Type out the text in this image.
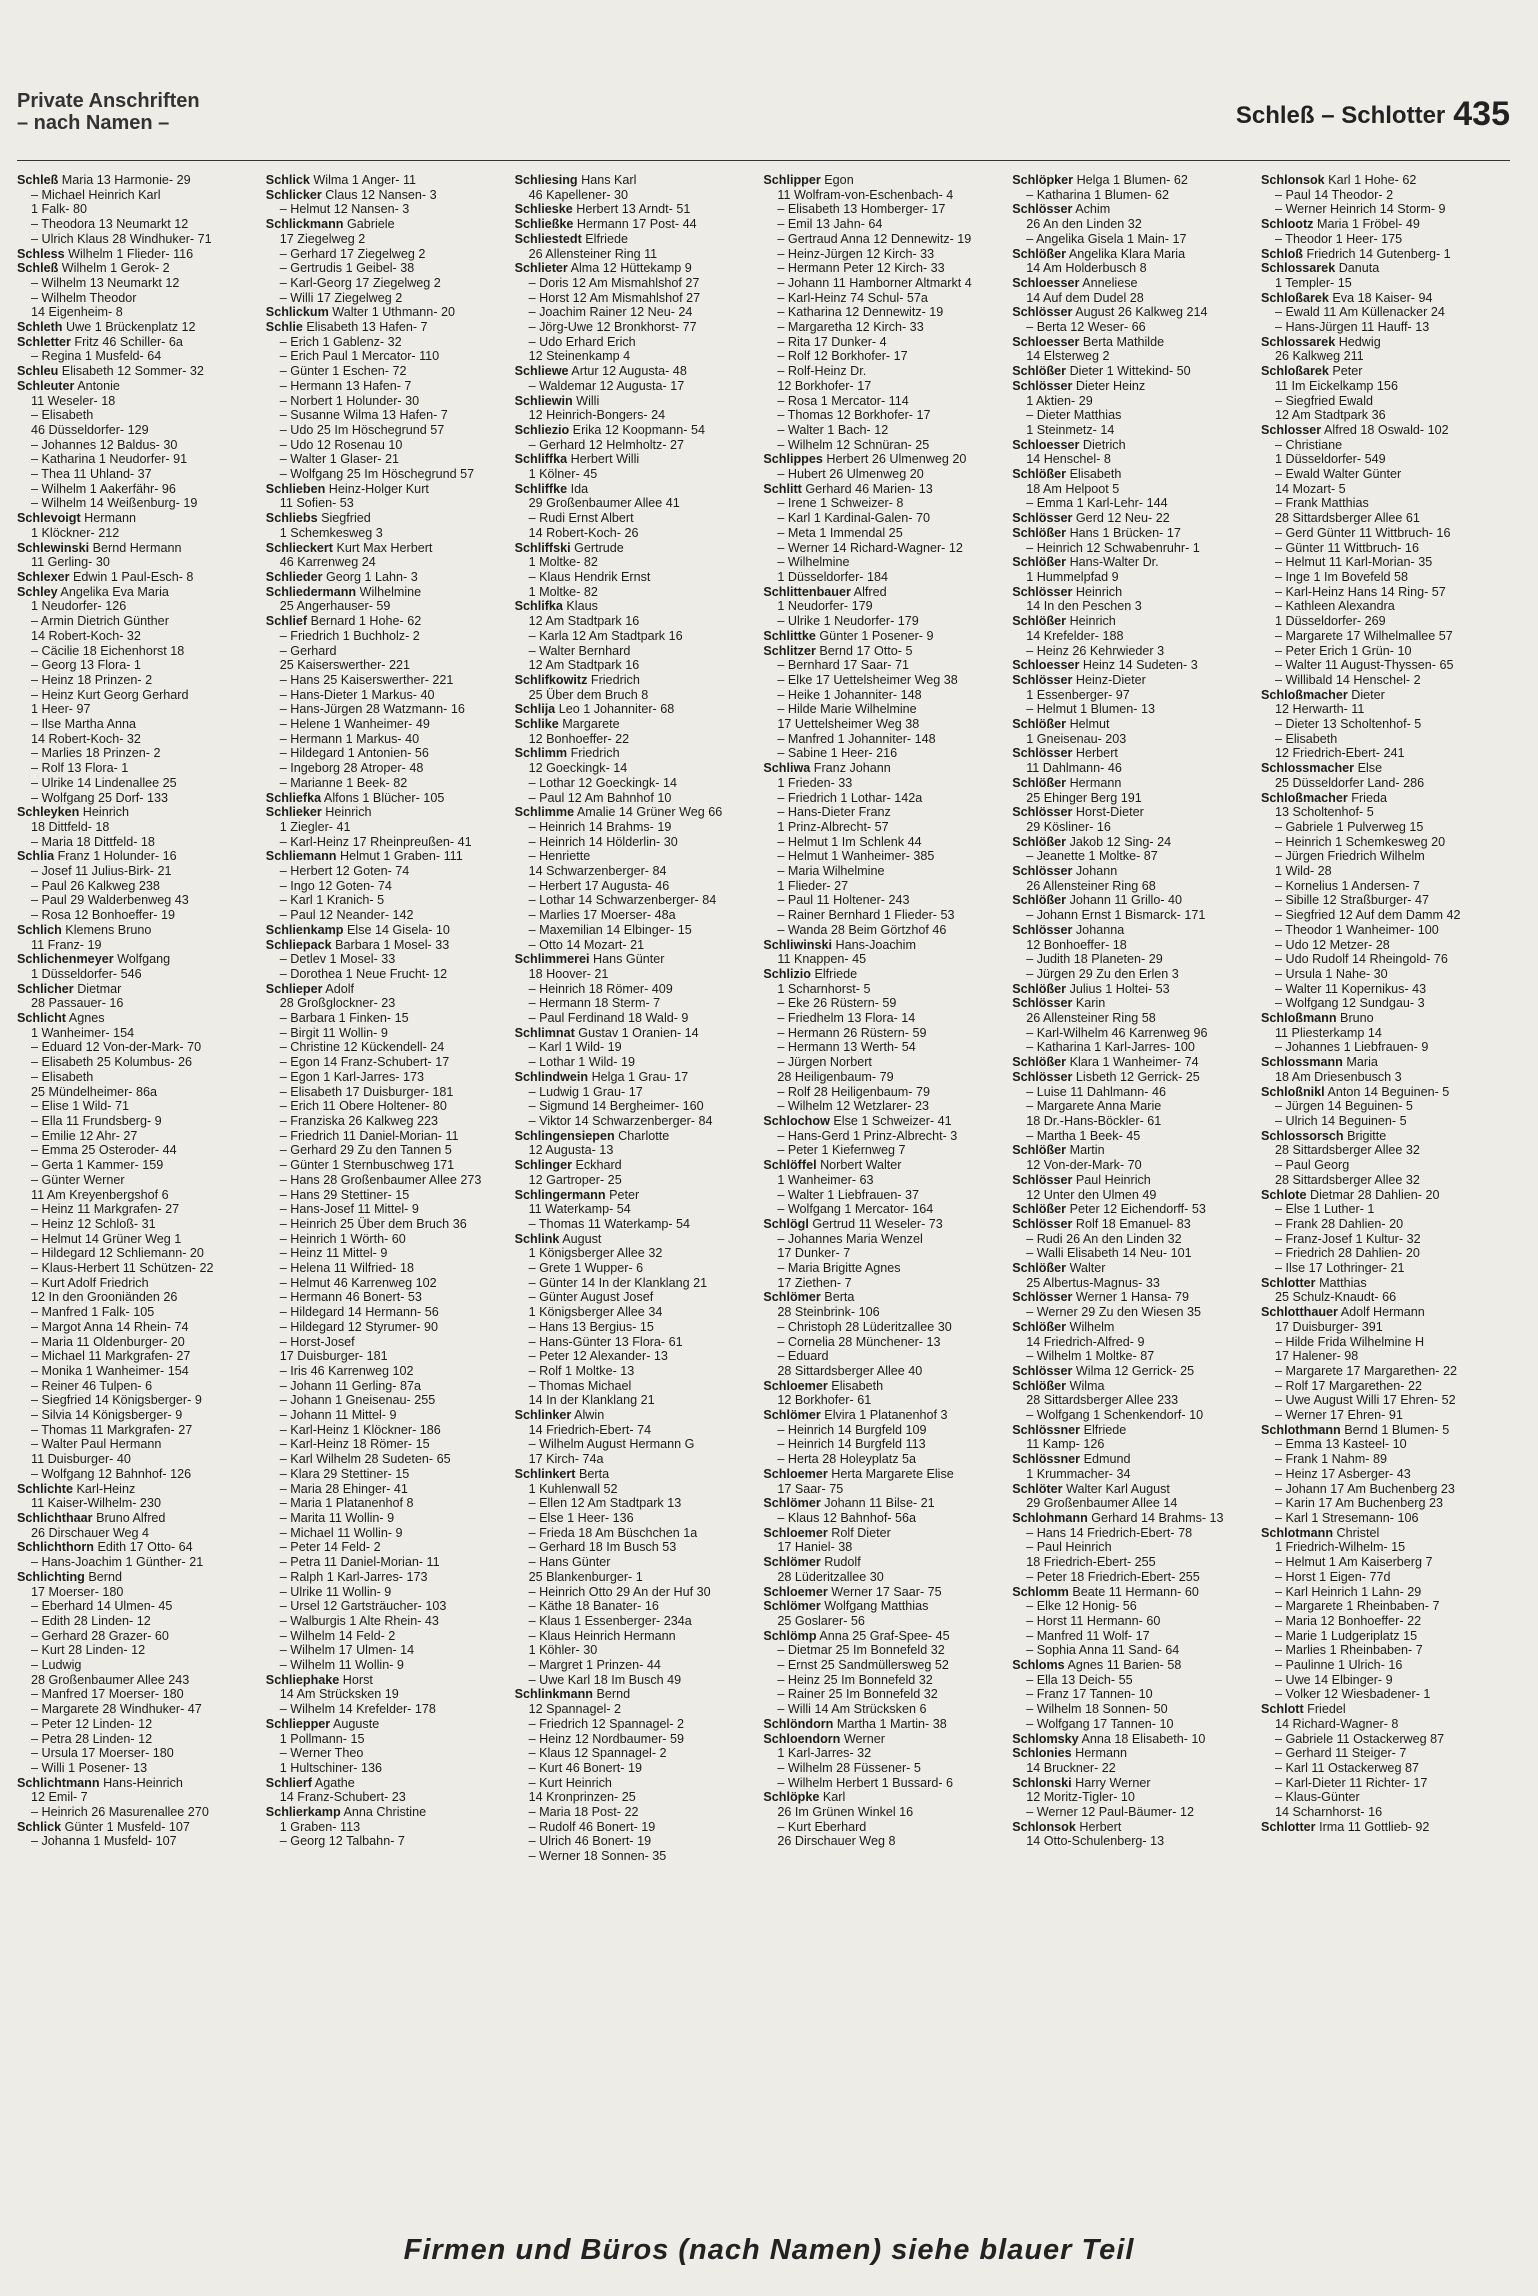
Private Anschriften
– nach Namen –	Schleß – Schlotter 435
Schleß Maria 13 Harmonie- 29
– Michael Heinrich Karl
1 Falk- 80
– Theodora 13 Neumarkt 12
– Ulrich Klaus 28 Windhuker- 71
Schless Wilhelm 1 Flieder- 116
Schleß Wilhelm 1 Gerok- 2
– Wilhelm 13 Neumarkt 12
– Wilhelm Theodor
14 Eigenheim- 8
Schleth Uwe 1 Brückenplatz 12
Schletter Fritz 46 Schiller- 6a
– Regina 1 Musfeld- 64
Schleu Elisabeth 12 Sommer- 32
Schleuter Antonie
11 Weseler- 18
– Elisabeth
46 Düsseldorfer- 129
– Johannes 12 Baldus- 30
– Katharina 1 Neudorfer- 91
– Thea 11 Uhland- 37
– Wilhelm 1 Aakerfähr- 96
– Wilhelm 14 Weißenburg- 19
Schlevoigt Hermann
1 Klöckner- 212
Schlewinski Bernd Hermann
11 Gerling- 30
Schlexer Edwin 1 Paul-Esch- 8
Schley Angelika Eva Maria
1 Neudorfer- 126
– Armin Dietrich Günther
14 Robert-Koch- 32
– Cäcilie 18 Eichenhorst 18
– Georg 13 Flora- 1
– Heinz 18 Prinzen- 2
– Heinz Kurt Georg Gerhard
1 Heer- 97
– Ilse Martha Anna
14 Robert-Koch- 32
– Marlies 18 Prinzen- 2
– Rolf 13 Flora- 1
– Ulrike 14 Lindenallee 25
– Wolfgang 25 Dorf- 133
Schleyken Heinrich
18 Dittfeld- 18
– Maria 18 Dittfeld- 18
Schlia Franz 1 Holunder- 16
– Josef 11 Julius-Birk- 21
– Paul 26 Kalkweg 238
– Paul 29 Walderbenweg 43
– Rosa 12 Bonhoeffer- 19
Schlich Klemens Bruno
11 Franz- 19
Schlichenmeyer Wolfgang
1 Düsseldorfer- 546
Schlicher Dietmar
28 Passauer- 16
Schlicht Agnes
1 Wanheimer- 154
– Eduard 12 Von-der-Mark- 70
– Elisabeth 25 Kolumbus- 26
– Elisabeth
25 Mündelheimer- 86a
– Elise 1 Wild- 71
– Ella 11 Frundsberg- 9
– Emilie 12 Ahr- 27
– Emma 25 Osteroder- 44
– Gerta 1 Kammer- 159
– Günter Werner
11 Am Kreyenbergshof 6
– Heinz 11 Markgrafen- 27
– Heinz 12 Schloß- 31
– Helmut 14 Grüner Weg 1
– Hildegard 12 Schliemann- 20
– Klaus-Herbert 11 Schützen- 22
– Kurt Adolf Friedrich
12 In den Grooniänden 26
– Manfred 1 Falk- 105
– Margot Anna 14 Rhein- 74
– Maria 11 Oldenburger- 20
– Michael 11 Markgrafen- 27
– Monika 1 Wanheimer- 154
– Reiner 46 Tulpen- 6
– Siegfried 14 Königsberger- 9
– Silvia 14 Königsberger- 9
– Thomas 11 Markgrafen- 27
– Walter Paul Hermann
11 Duisburger- 40
– Wolfgang 12 Bahnhof- 126
Schlichte Karl-Heinz
11 Kaiser-Wilhelm- 230
Schlichthaar Bruno Alfred
26 Dirschauer Weg 4
Schlichthorn Edith 17 Otto- 64
– Hans-Joachim 1 Günther- 21
Schlichting Bernd
17 Moerser- 180
– Eberhard 14 Ulmen- 45
– Edith 28 Linden- 12
– Gerhard 28 Grazer- 60
– Kurt 28 Linden- 12
– Ludwig
28 Großenbaumer Allee 243
– Manfred 17 Moerser- 180
– Margarete 28 Windhuker- 47
– Peter 12 Linden- 12
– Petra 28 Linden- 12
– Ursula 17 Moerser- 180
– Willi 1 Posener- 13
Schlichtmann Hans-Heinrich
12 Emil- 7
– Heinrich 26 Masurenallee 270
Schlick Günter 1 Musfeld- 107
– Johanna 1 Musfeld- 107
Schlick Wilma 1 Anger- 11
Schlicker Claus 12 Nansen- 3
– Helmut 12 Nansen- 3
Schlickmann Gabriele
17 Ziegelweg 2
– Gerhard 17 Ziegelweg 2
– Gertrudis 1 Geibel- 38
– Karl-Georg 17 Ziegelweg 2
– Willi 17 Ziegelweg 2
Schlickum Walter 1 Uthmann- 20
Schlie Elisabeth 13 Hafen- 7
– Erich 1 Gablenz- 32
– Erich Paul 1 Mercator- 110
– Günter 1 Eschen- 72
– Hermann 13 Hafen- 7
– Norbert 1 Holunder- 30
– Susanne Wilma 13 Hafen- 7
– Udo 25 Im Höschegrund 57
– Udo 12 Rosenau 10
– Walter 1 Glaser- 21
– Wolfgang 25 Im Höschegrund 57
Schlieben Heinz-Holger Kurt
11 Sofien- 53
Schliebs Siegfried
1 Schemkesweg 3
Schlieckert Kurt Max Herbert
46 Karrenweg 24
Schlieder Georg 1 Lahn- 3
Schliedermann Wilhelmine
25 Angerhauser- 59
Schlief Bernard 1 Hohe- 62
– Friedrich 1 Buchholz- 2
– Gerhard
25 Kaiserswerther- 221
– Hans 25 Kaiserswerther- 221
– Hans-Dieter 1 Markus- 40
– Hans-Jürgen 28 Watzmann- 16
– Helene 1 Wanheimer- 49
– Hermann 1 Markus- 40
– Hildegard 1 Antonien- 56
– Ingeborg 28 Atroper- 48
– Marianne 1 Beek- 82
Schliefka Alfons 1 Blücher- 105
Schlieker Heinrich
1 Ziegler- 41
– Karl-Heinz 17 Rheinpreußen- 41
Schliemann Helmut 1 Graben- 111
– Herbert 12 Goten- 74
– Ingo 12 Goten- 74
– Karl 1 Kranich- 5
– Paul 12 Neander- 142
Schlienkamp Else 14 Gisela- 10
Schliepack Barbara 1 Mosel- 33
– Detlev 1 Mosel- 33
– Dorothea 1 Neue Frucht- 12
Schlieper Adolf
28 Großglockner- 23
– Barbara 1 Finken- 15
– Birgit 11 Wollin- 9
– Christine 12 Kückendell- 24
– Egon 14 Franz-Schubert- 17
– Egon 1 Karl-Jarres- 173
– Elisabeth 17 Duisburger- 181
– Erich 11 Obere Holtener- 80
– Franziska 26 Kalkweg 223
– Friedrich 11 Daniel-Morian- 11
– Gerhard 29 Zu den Tannen 5
– Günter 1 Sternbuschweg 171
– Hans 28 Großenbaumer Allee 273
– Hans 29 Stettiner- 15
– Hans-Josef 11 Mittel- 9
– Heinrich 25 Über dem Bruch 36
– Heinrich 1 Wörth- 60
– Heinz 11 Mittel- 9
– Helena 11 Wilfried- 18
– Helmut 46 Karrenweg 102
– Hermann 46 Bonert- 53
– Hildegard 14 Hermann- 56
– Hildegard 12 Styrumer- 90
– Horst-Josef
17 Duisburger- 181
– Iris 46 Karrenweg 102
– Johann 11 Gerling- 87a
– Johann 1 Gneisenau- 255
– Johann 11 Mittel- 9
– Karl-Heinz 1 Klöckner- 186
– Karl-Heinz 18 Römer- 15
– Karl Wilhelm 28 Sudeten- 65
– Klara 29 Stettiner- 15
– Maria 28 Ehinger- 41
– Maria 1 Platanenhof 8
– Marita 11 Wollin- 9
– Michael 11 Wollin- 9
– Peter 14 Feld- 2
– Petra 11 Daniel-Morian- 11
– Ralph 1 Karl-Jarres- 173
– Ulrike 11 Wollin- 9
– Ursel 12 Gartsträucher- 103
– Walburgis 1 Alte Rhein- 43
– Wilhelm 14 Feld- 2
– Wilhelm 17 Ulmen- 14
– Wilhelm 11 Wollin- 9
Schliephake Horst
14 Am Strücksken 19
– Wilhelm 14 Krefelder- 178
Schliepper Auguste
1 Pollmann- 15
– Werner Theo
1 Hultschiner- 136
Schlierf Agathe
14 Franz-Schubert- 23
Schlierkamp Anna Christine
1 Graben- 113
– Georg 12 Talbahn- 7
Schliesing Hans Karl
46 Kapellener- 30
Schlieske Herbert 13 Arndt- 51
Schließke Hermann 17 Post- 44
Schliestedt Elfriede
26 Allensteiner Ring 11
Schlieter Alma 12 Hüttekamp 9
– Doris 12 Am Mismahlshof 27
– Horst 12 Am Mismahlshof 27
– Joachim Rainer 12 Neu- 24
– Jörg-Uwe 12 Bronkhorst- 77
– Udo Erhard Erich
12 Steinenkamp 4
Schliewe Artur 12 Augusta- 48
– Waldemar 12 Augusta- 17
Schliewin Willi
12 Heinrich-Bongers- 24
Schliezio Erika 12 Koopmann- 54
– Gerhard 12 Helmholtz- 27
Schliffka Herbert Willi
1 Kölner- 45
Schliffke Ida
29 Großenbaumer Allee 41
– Rudi Ernst Albert
14 Robert-Koch- 26
Schliffski Gertrude
1 Moltke- 82
– Klaus Hendrik Ernst
1 Moltke- 82
Schlifka Klaus
12 Am Stadtpark 16
– Karla 12 Am Stadtpark 16
– Walter Bernhard
12 Am Stadtpark 16
Schlifkowitz Friedrich
25 Über dem Bruch 8
Schlija Leo 1 Johanniter- 68
Schlike Margarete
12 Bonhoeffer- 22
Schlimm Friedrich
12 Goeckingk- 14
– Lothar 12 Goeckingk- 14
– Paul 12 Am Bahnhof 10
Schlimme Amalie 14 Grüner Weg 66
– Heinrich 14 Brahms- 19
– Heinrich 14 Hölderlin- 30
– Henriette
14 Schwarzenberger- 84
– Herbert 17 Augusta- 46
– Lothar 14 Schwarzenberger- 84
– Marlies 17 Moerser- 48a
– Maxemilian 14 Elbinger- 15
– Otto 14 Mozart- 21
Schlimmerei Hans Günter
18 Hoover- 21
– Heinrich 18 Römer- 409
– Hermann 18 Sterm- 7
– Paul Ferdinand 18 Wald- 9
Schlimnat Gustav 1 Oranien- 14
– Karl 1 Wild- 19
– Lothar 1 Wild- 19
Schlindwein Helga 1 Grau- 17
– Ludwig 1 Grau- 17
– Sigmund 14 Bergheimer- 160
– Viktor 14 Schwarzenberger- 84
Schlingensiepen Charlotte
12 Augusta- 13
Schlinger Eckhard
12 Gartroper- 25
Schlingermann Peter
11 Waterkamp- 54
– Thomas 11 Waterkamp- 54
Schlink August
1 Königsberger Allee 32
– Grete 1 Wupper- 6
– Günter 14 In der Klanklang 21
– Günter August Josef
1 Königsberger Allee 34
– Hans 13 Bergius- 15
– Hans-Günter 13 Flora- 61
– Peter 12 Alexander- 13
– Rolf 1 Moltke- 13
– Thomas Michael
14 In der Klanklang 21
Schlinker Alwin
14 Friedrich-Ebert- 74
– Wilhelm August Hermann G
17 Kirch- 74a
Schlinkert Berta
1 Kuhlenwall 52
– Ellen 12 Am Stadtpark 13
– Else 1 Heer- 136
– Frieda 18 Am Büschchen 1a
– Gerhard 18 Im Busch 53
– Hans Günter
25 Blankenburger- 1
– Heinrich Otto 29 An der Huf 30
– Käthe 18 Banater- 16
– Klaus 1 Essenberger- 234a
– Klaus Heinrich Hermann
1 Köhler- 30
– Margret 1 Prinzen- 44
– Uwe Karl 18 Im Busch 49
Schlinkmann Bernd
12 Spannagel- 2
– Friedrich 12 Spannagel- 2
– Heinz 12 Nordbaumer- 59
– Klaus 12 Spannagel- 2
– Kurt 46 Bonert- 19
– Kurt Heinrich
14 Kronprinzen- 25
– Maria 18 Post- 22
– Rudolf 46 Bonert- 19
– Ulrich 46 Bonert- 19
– Werner 18 Sonnen- 35
Schlipper Egon
11 Wolfram-von-Eschenbach- 4
– Elisabeth 13 Homberger- 17
– Emil 13 Jahn- 64
– Gertraud Anna 12 Dennewitz- 19
– Heinz-Jürgen 12 Kirch- 33
– Hermann Peter 12 Kirch- 33
– Johann 11 Hamborner Altmarkt 4
– Karl-Heinz 74 Schul- 57a
– Katharina 12 Dennewitz- 19
– Margaretha 12 Kirch- 33
– Rita 17 Dunker- 4
– Rolf 12 Borkhofer- 17
– Rolf-Heinz Dr.
12 Borkhofer- 17
– Rosa 1 Mercator- 114
– Thomas 12 Borkhofer- 17
– Walter 1 Bach- 12
– Wilhelm 12 Schnüran- 25
Schlippes Herbert 26 Ulmenweg 20
– Hubert 26 Ulmenweg 20
Schlitt Gerhard 46 Marien- 13
– Irene 1 Schweizer- 8
– Karl 1 Kardinal-Galen- 70
– Meta 1 Immendal 25
– Werner 14 Richard-Wagner- 12
– Wilhelmine
1 Düsseldorfer- 184
Schlittenbauer Alfred
1 Neudorfer- 179
– Ulrike 1 Neudorfer- 179
Schlittke Günter 1 Posener- 9
Schlitzer Bernd 17 Otto- 5
– Bernhard 17 Saar- 71
– Elke 17 Uettelsheimer Weg 38
– Heike 1 Johanniter- 148
– Hilde Marie Wilhelmine
17 Uettelsheimer Weg 38
– Manfred 1 Johanniter- 148
– Sabine 1 Heer- 216
Schliwa Franz Johann
1 Frieden- 33
– Friedrich 1 Lothar- 142a
– Hans-Dieter Franz
1 Prinz-Albrecht- 57
– Helmut 1 Im Schlenk 44
– Helmut 1 Wanheimer- 385
– Maria Wilhelmine
1 Flieder- 27
– Paul 11 Holtener- 243
– Rainer Bernhard 1 Flieder- 53
– Wanda 28 Beim Görtzhof 46
Schliwinski Hans-Joachim
11 Knappen- 45
Schlizio Elfriede
1 Scharnhorst- 5
– Eke 26 Rüstern- 59
– Friedhelm 13 Flora- 14
– Hermann 26 Rüstern- 59
– Hermann 13 Werth- 54
– Jürgen Norbert
28 Heiligenbaum- 79
– Rolf 28 Heiligenbaum- 79
– Wilhelm 12 Wetzlarer- 23
Schlochow Else 1 Schweizer- 41
– Hans-Gerd 1 Prinz-Albrecht- 3
– Peter 1 Kiefernweg 7
Schlöffel Norbert Walter
1 Wanheimer- 63
– Walter 1 Liebfrauen- 37
– Wolfgang 1 Mercator- 164
Schlögl Gertrud 11 Weseler- 73
– Johannes Maria Wenzel
17 Dunker- 7
– Maria Brigitte Agnes
17 Ziethen- 7
Schlömer Berta
28 Steinbrink- 106
– Christoph 28 Lüderitzallee 30
– Cornelia 28 Münchener- 13
– Eduard
28 Sittardsberger Allee 40
Schloemer Elisabeth
12 Borkhofer- 61
Schlömer Elvira 1 Platanenhof 3
– Heinrich 14 Burgfeld 109
– Heinrich 14 Burgfeld 113
– Herta 28 Holeyplatz 5a
Schloemer Herta Margarete Elise
17 Saar- 75
Schlömer Johann 11 Bilse- 21
– Klaus 12 Bahnhof- 56a
Schloemer Rolf Dieter
17 Haniel- 38
Schlömer Rudolf
28 Lüderitzallee 30
Schloemer Werner 17 Saar- 75
Schlömer Wolfgang Matthias
25 Goslarer- 56
Schlömp Anna 25 Graf-Spee- 45
– Dietmar 25 Im Bonnefeld 32
– Ernst 25 Sandmüllersweg 52
– Heinz 25 Im Bonnefeld 32
– Rainer 25 Im Bonnefeld 32
– Willi 14 Am Strücksken 6
Schlöndorn Martha 1 Martin- 38
Schloendorn Werner
1 Karl-Jarres- 32
– Wilhelm 28 Füssener- 5
– Wilhelm Herbert 1 Bussard- 6
Schlöpke Karl
26 Im Grünen Winkel 16
– Kurt Eberhard
26 Dirschauer Weg 8
Schlöpker Helga 1 Blumen- 62
– Katharina 1 Blumen- 62
Schlösser Achim
26 An den Linden 32
– Angelika Gisela 1 Main- 17
Schlößer Angelika Klara Maria
14 Am Holderbusch 8
Schloesser Anneliese
14 Auf dem Dudel 28
Schlösser August 26 Kalkweg 214
– Berta 12 Weser- 66
Schloesser Berta Mathilde
14 Elsterweg 2
Schlößer Dieter 1 Wittekind- 50
Schlösser Dieter Heinz
1 Aktien- 29
– Dieter Matthias
1 Steinmetz- 14
Schloesser Dietrich
14 Henschel- 8
Schlößer Elisabeth
18 Am Helpoot 5
– Emma 1 Karl-Lehr- 144
Schlösser Gerd 12 Neu- 22
Schlößer Hans 1 Brücken- 17
– Heinrich 12 Schwabenruhr- 1
Schlößer Hans-Walter Dr.
1 Hummelpfad 9
Schlösser Heinrich
14 In den Peschen 3
Schlößer Heinrich
14 Krefelder- 188
– Heinz 26 Kehrwieder 3
Schloesser Heinz 14 Sudeten- 3
Schlösser Heinz-Dieter
1 Essenberger- 97
– Helmut 1 Blumen- 13
Schlößer Helmut
1 Gneisenau- 203
Schlösser Herbert
11 Dahlmann- 46
Schlößer Hermann
25 Ehinger Berg 191
Schlösser Horst-Dieter
29 Kösliner- 16
Schlößer Jakob 12 Sing- 24
– Jeanette 1 Moltke- 87
Schlösser Johann
26 Allensteiner Ring 68
Schlößer Johann 11 Grillo- 40
– Johann Ernst 1 Bismarck- 171
Schlösser Johanna
12 Bonhoeffer- 18
– Judith 18 Planeten- 29
– Jürgen 29 Zu den Erlen 3
Schlößer Julius 1 Holtei- 53
Schlösser Karin
26 Allensteiner Ring 58
– Karl-Wilhelm 46 Karrenweg 96
– Katharina 1 Karl-Jarres- 100
Schlößer Klara 1 Wanheimer- 74
Schlösser Lisbeth 12 Gerrick- 25
– Luise 11 Dahlmann- 46
– Margarete Anna Marie
18 Dr.-Hans-Böckler- 61
– Martha 1 Beek- 45
Schlößer Martin
12 Von-der-Mark- 70
Schlösser Paul Heinrich
12 Unter den Ulmen 49
Schlößer Peter 12 Eichendorff- 53
Schlösser Rolf 18 Emanuel- 83
– Rudi 26 An den Linden 32
– Walli Elisabeth 14 Neu- 101
Schlößer Walter
25 Albertus-Magnus- 33
Schlösser Werner 1 Hansa- 79
– Werner 29 Zu den Wiesen 35
Schlößer Wilhelm
14 Friedrich-Alfred- 9
– Wilhelm 1 Moltke- 87
Schlösser Wilma 12 Gerrick- 25
Schlößer Wilma
28 Sittardsberger Allee 233
– Wolfgang 1 Schenkendorf- 10
Schlössner Elfriede
11 Kamp- 126
Schlössner Edmund
1 Krummacher- 34
Schlöter Walter Karl August
29 Großenbaumer Allee 14
Schlohmann Gerhard 14 Brahms- 13
– Hans 14 Friedrich-Ebert- 78
– Paul Heinrich
18 Friedrich-Ebert- 255
– Peter 18 Friedrich-Ebert- 255
Schlomm Beate 11 Hermann- 60
– Elke 12 Honig- 56
– Horst 11 Hermann- 60
– Manfred 11 Wolf- 17
– Sophia Anna 11 Sand- 64
Schloms Agnes 11 Barien- 58
– Ella 13 Deich- 55
– Franz 17 Tannen- 10
– Wilhelm 18 Sonnen- 50
– Wolfgang 17 Tannen- 10
Schlomsky Anna 18 Elisabeth- 10
Schlonies Hermann
14 Bruckner- 22
Schlonski Harry Werner
12 Moritz-Tigler- 10
– Werner 12 Paul-Bäumer- 12
Schlonsok Herbert
14 Otto-Schulenberg- 13
Schlonsok Karl 1 Hohe- 62
– Paul 14 Theodor- 2
– Werner Heinrich 14 Storm- 9
Schlootz Maria 1 Fröbel- 49
– Theodor 1 Heer- 175
Schloß Friedrich 14 Gutenberg- 1
Schlossarek Danuta
1 Templer- 15
Schloßarek Eva 18 Kaiser- 94
– Ewald 11 Am Küllenacker 24
– Hans-Jürgen 11 Hauff- 13
Schlossarek Hedwig
26 Kalkweg 211
Schloßarek Peter
11 Im Eickelkamp 156
– Siegfried Ewald
12 Am Stadtpark 36
Schlosser Alfred 18 Oswald- 102
– Christiane
1 Düsseldorfer- 549
– Ewald Walter Günter
14 Mozart- 5
– Frank Matthias
28 Sittardsberger Allee 61
– Gerd Günter 11 Wittbruch- 16
– Günter 11 Wittbruch- 16
– Helmut 11 Karl-Morian- 35
– Inge 1 Im Bovefeld 58
– Karl-Heinz Hans 14 Ring- 57
– Kathleen Alexandra
1 Düsseldorfer- 269
– Margarete 17 Wilhelmallee 57
– Peter Erich 1 Grün- 10
– Walter 11 August-Thyssen- 65
– Willibald 14 Henschel- 2
Schloßmacher Dieter
12 Herwarth- 11
– Dieter 13 Scholtenhof- 5
– Elisabeth
12 Friedrich-Ebert- 241
Schlossmacher Else
25 Düsseldorfer Land- 286
Schloßmacher Frieda
13 Scholtenhof- 5
– Gabriele 1 Pulverweg 15
– Heinrich 1 Schemkesweg 20
– Jürgen Friedrich Wilhelm
1 Wild- 28
– Kornelius 1 Andersen- 7
– Sibille 12 Straßburger- 47
– Siegfried 12 Auf dem Damm 42
– Theodor 1 Wanheimer- 100
– Udo 12 Metzer- 28
– Udo Rudolf 14 Rheingold- 76
– Ursula 1 Nahe- 30
– Walter 11 Kopernikus- 43
– Wolfgang 12 Sundgau- 3
Schloßmann Bruno
11 Pliesterkamp 14
– Johannes 1 Liebfrauen- 9
Schlossmann Maria
18 Am Driesenbusch 3
Schloßnikl Anton 14 Beguinen- 5
– Jürgen 14 Beguinen- 5
– Ulrich 14 Beguinen- 5
Schlossorsch Brigitte
28 Sittardsberger Allee 32
– Paul Georg
28 Sittardsberger Allee 32
Schlote Dietmar 28 Dahlien- 20
– Else 1 Luther- 1
– Frank 28 Dahlien- 20
– Franz-Josef 1 Kultur- 32
– Friedrich 28 Dahlien- 20
– Ilse 17 Lothringer- 21
Schlotter Matthias
25 Schulz-Knaudt- 66
Schlotthauer Adolf Hermann
17 Duisburger- 391
– Hilde Frida Wilhelmine H
17 Halener- 98
– Margarete 17 Margarethen- 22
– Rolf 17 Margarethen- 22
– Uwe August Willi 17 Ehren- 52
– Werner 17 Ehren- 91
Schlothmann Bernd 1 Blumen- 5
– Emma 13 Kasteel- 10
– Frank 1 Nahm- 89
– Heinz 17 Asberger- 43
– Johann 17 Am Buchenberg 23
– Karin 17 Am Buchenberg 23
– Karl 1 Stresemann- 106
Schlotmann Christel
1 Friedrich-Wilhelm- 15
– Helmut 1 Am Kaiserberg 7
– Horst 1 Eigen- 77d
– Karl Heinrich 1 Lahn- 29
– Margarete 1 Rheinbaben- 7
– Maria 12 Bonhoeffer- 22
– Marie 1 Ludgeriplatz 15
– Marlies 1 Rheinbaben- 7
– Paulinne 1 Ulrich- 16
– Uwe 14 Elbinger- 9
– Volker 12 Wiesbadener- 1
Schlott Friedel
14 Richard-Wagner- 8
– Gabriele 11 Ostackerweg 87
– Gerhard 11 Steiger- 7
– Karl 11 Ostackerweg 87
– Karl-Dieter 11 Richter- 17
– Klaus-Günter
14 Scharnhorst- 16
Schlotter Irma 11 Gottlieb- 92
Firmen und Büros (nach Namen) siehe blauer Teil
